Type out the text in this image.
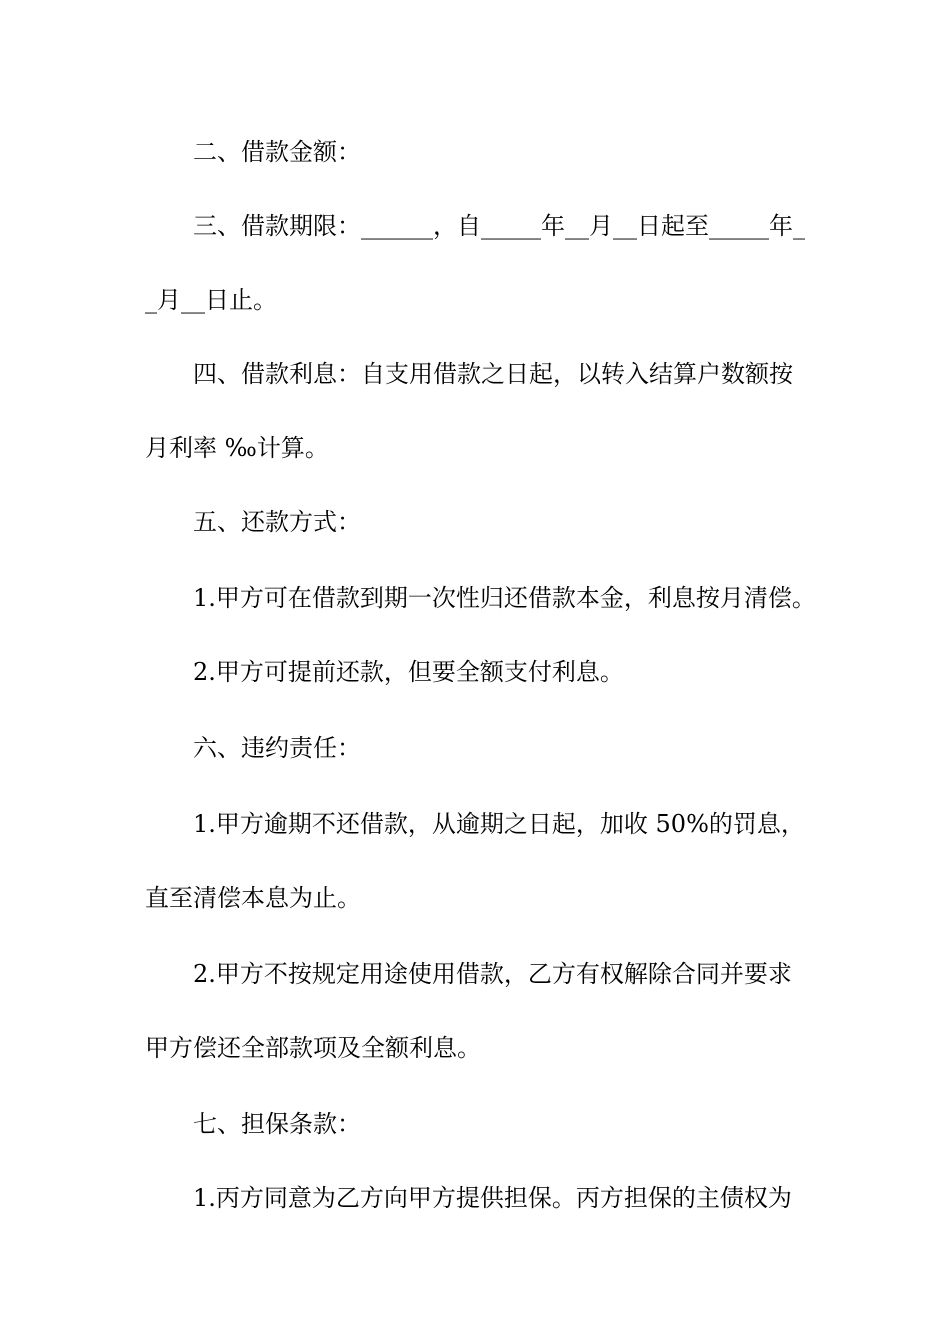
二、借款金额：
三、借款期限：______，自_____年__月__日起至_____年_
_月__日止。
四、借款利息：自支用借款之日起，以转入结算户数额按
月利率 ‰计算。
五、还款方式：
1.甲方可在借款到期一次性归还借款本金，利息按月清偿。
2.甲方可提前还款，但要全额支付利息。
六、违约责任：
1.甲方逾期不还借款，从逾期之日起，加收 50%的罚息，
直至清偿本息为止。
2.甲方不按规定用途使用借款，乙方有权解除合同并要求
甲方偿还全部款项及全额利息。
七、担保条款：
1.丙方同意为乙方向甲方提供担保。丙方担保的主债权为
